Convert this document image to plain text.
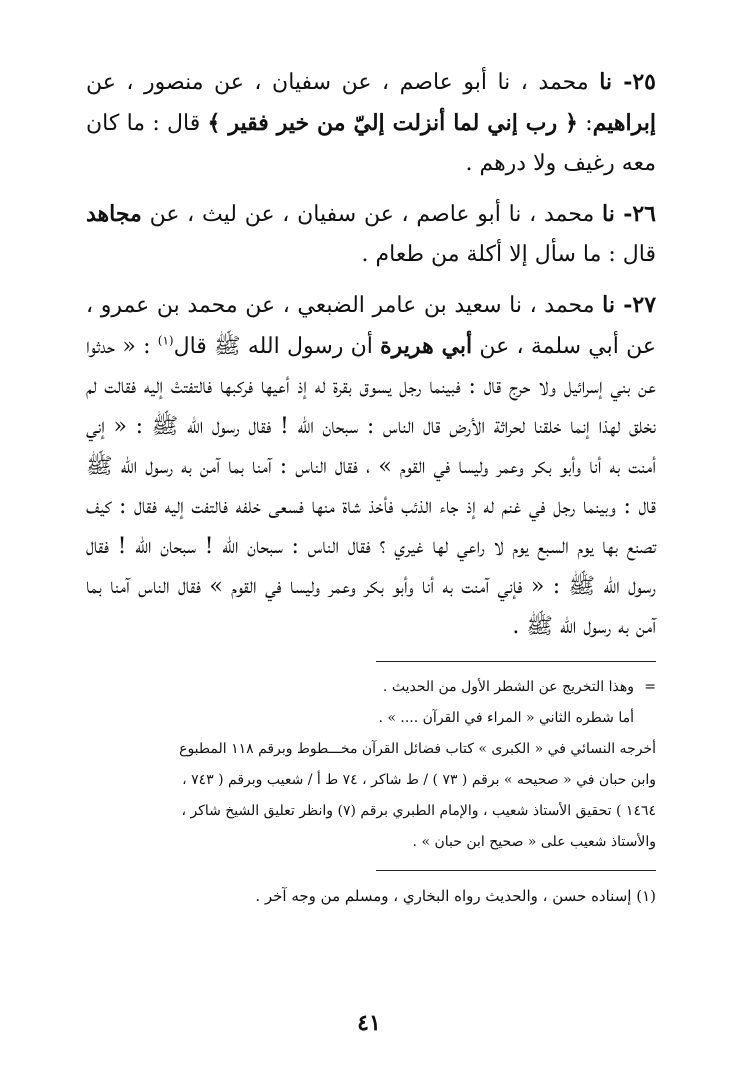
٢٥- نا محمد ، نا أبو عاصم ، عن سفيان ، عن منصور ، عن إبراهيم: ﴿ رب إني لما أنزلت إليّ من خير فقير ﴾ قال : ما كان معه رغيف ولا درهم .

٢٦- نا محمد ، نا أبو عاصم ، عن سفيان ، عن ليث ، عن مجاهد قال : ما سأل إلا أكلة من طعام .

٢٧- نا محمد ، نا سعيد بن عامر الضبعي ، عن محمد بن عمرو ، عن أبي سلمة ، عن أبي هريرة أن رسول الله ﷺ قال$^{(١)}$ : « حدثوا عن بني إسرائيل ولا حرج قال : فبينما رجل يسوق بقرة له إذ أعيها فركبها فالتفتتْ إليه فقالت لم نخلق لهذا إنما خلقنا لحراثة الأرض قال الناس : سبحان الله ! فقال رسول الله ﷺ : « إني أمنت به أنا وأبو بكر وعمر وليسا في القوم » ، فقال الناس : آمنا بما آمن به رسول الله ﷺ قال : وبينما رجل في غنم له إذ جاء الذئب فأخذ شاة منها فسعى خلفه فالتفت إليه فقال : كيف تصنع بها يوم السبع يوم لا راعي لها غيري ؟ فقال الناس : سبحان الله ! سبحان الله ! فقال رسول الله ﷺ : « فإني آمنت به أنا وأبو بكر وعمر وليسا في القوم » فقال الناس آمنا بما آمن به رسول الله ﷺ .

=
وهذا التخريج عن الشطر الأول من الحديث .
أما شطره الثاني « المراء في القرآن .... » .
أخرجه النسائي في « الكبرى » كتاب فضائل القرآن مخـــطوط وبرقم ١١٨ المطبوع
وابن حبان في « صحيحه » برقم ( ٧٣ ) / ط شاكر ، ٧٤ ط أ / شعيب وبرقم ( ٧٤٣ ،
١٤٦٤ ) تحقيق الأستاذ شعيب ، والإمام الطبري برقم (٧) وانظر تعليق الشيخ شاكر ،
والأستاذ شعيب على « صحيح ابن حبان » .
(١) إسناده حسن ، والحديث رواه البخاري ، ومسلم من وجه آخر .
٤١
